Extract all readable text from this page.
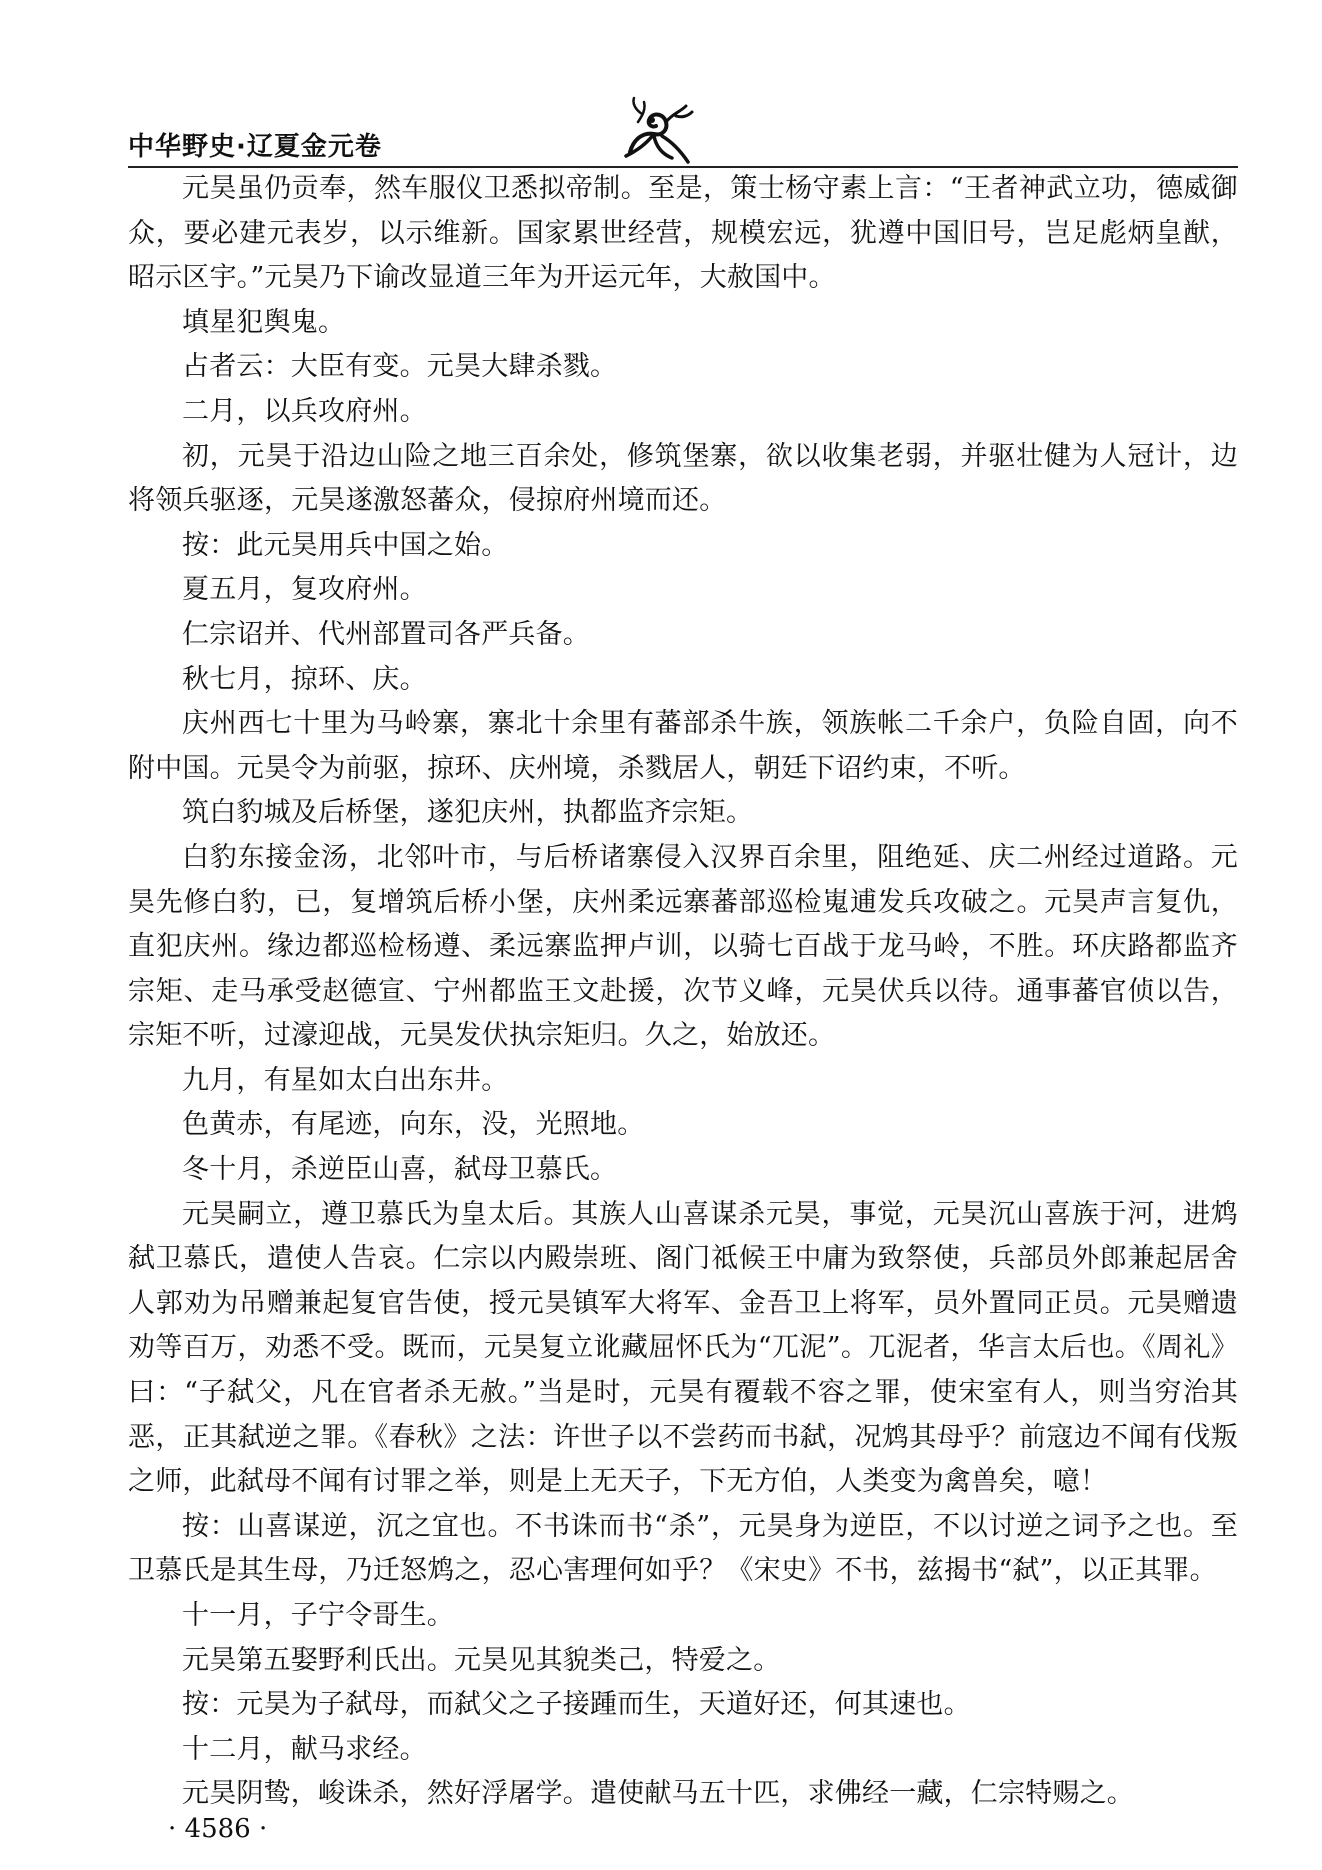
中华野史·辽夏金元卷

元昊虽仍贡奉，然车服仪卫悉拟帝制。至是，策士杨守素上言：“王者神武立功，德威御众，要必建元表岁，以示维新。国家累世经营，规模宏远，犹遵中国旧号，岂足彪炳皇猷，昭示区宇。”元昊乃下谕改显道三年为开运元年，大赦国中。

填星犯舆鬼。

占者云：大臣有变。元昊大肆杀戮。

二月，以兵攻府州。

初，元昊于沿边山险之地三百余处，修筑堡寨，欲以收集老弱，并驱壮健为人冠计，边将领兵驱逐，元昊遂激怒蕃众，侵掠府州境而还。

按：此元昊用兵中国之始。

夏五月，复攻府州。

仁宗诏并、代州部置司各严兵备。

秋七月，掠环、庆。

庆州西七十里为马岭寨，寨北十余里有蕃部杀牛族，领族帐二千余户，负险自固，向不附中国。元昊令为前驱，掠环、庆州境，杀戮居人，朝廷下诏约束，不听。

筑白豹城及后桥堡，遂犯庆州，执都监齐宗矩。

白豹东接金汤，北邻叶市，与后桥诸寨侵入汉界百余里，阻绝延、庆二州经过道路。元昊先修白豹，已，复增筑后桥小堡，庆州柔远寨蕃部巡检嵬逋发兵攻破之。元昊声言复仇，直犯庆州。缘边都巡检杨遵、柔远寨监押卢训，以骑七百战于龙马岭，不胜。环庆路都监齐宗矩、走马承受赵德宣、宁州都监王文赴援，次节义峰，元昊伏兵以待。通事蕃官侦以告，宗矩不听，过濠迎战，元昊发伏执宗矩归。久之，始放还。

九月，有星如太白出东井。

色黄赤，有尾迹，向东，没，光照地。

冬十月，杀逆臣山喜，弑母卫慕氏。

元昊嗣立，遵卫慕氏为皇太后。其族人山喜谋杀元昊，事觉，元昊沉山喜族于河，进鸩弑卫慕氏，遣使人告哀。仁宗以内殿崇班、阁门祗候王中庸为致祭使，兵部员外郎兼起居舍人郭劝为吊赠兼起复官告使，授元昊镇军大将军、金吾卫上将军，员外置同正员。元昊赠遗劝等百万，劝悉不受。既而，元昊复立讹藏屈怀氏为“兀泥”。兀泥者，华言太后也。《周礼》曰：“子弑父，凡在官者杀无赦。”当是时，元昊有覆载不容之罪，使宋室有人，则当穷治其恶，正其弑逆之罪。《春秋》之法：许世子以不尝药而书弑，况鸩其母乎？前寇边不闻有伐叛之师，此弑母不闻有讨罪之举，则是上无天子，下无方伯，人类变为禽兽矣，噫！

按：山喜谋逆，沉之宜也。不书诛而书“杀”，元昊身为逆臣，不以讨逆之词予之也。至卫慕氏是其生母，乃迁怒鸩之，忍心害理何如乎？《宋史》不书，兹揭书“弑”，以正其罪。

十一月，子宁令哥生。

元昊第五娶野利氏出。元昊见其貌类己，特爱之。

按：元昊为子弑母，而弑父之子接踵而生，天道好还，何其速也。

十二月，献马求经。

元昊阴鸷，峻诛杀，然好浮屠学。遣使献马五十匹，求佛经一藏，仁宗特赐之。

· 4586 ·
